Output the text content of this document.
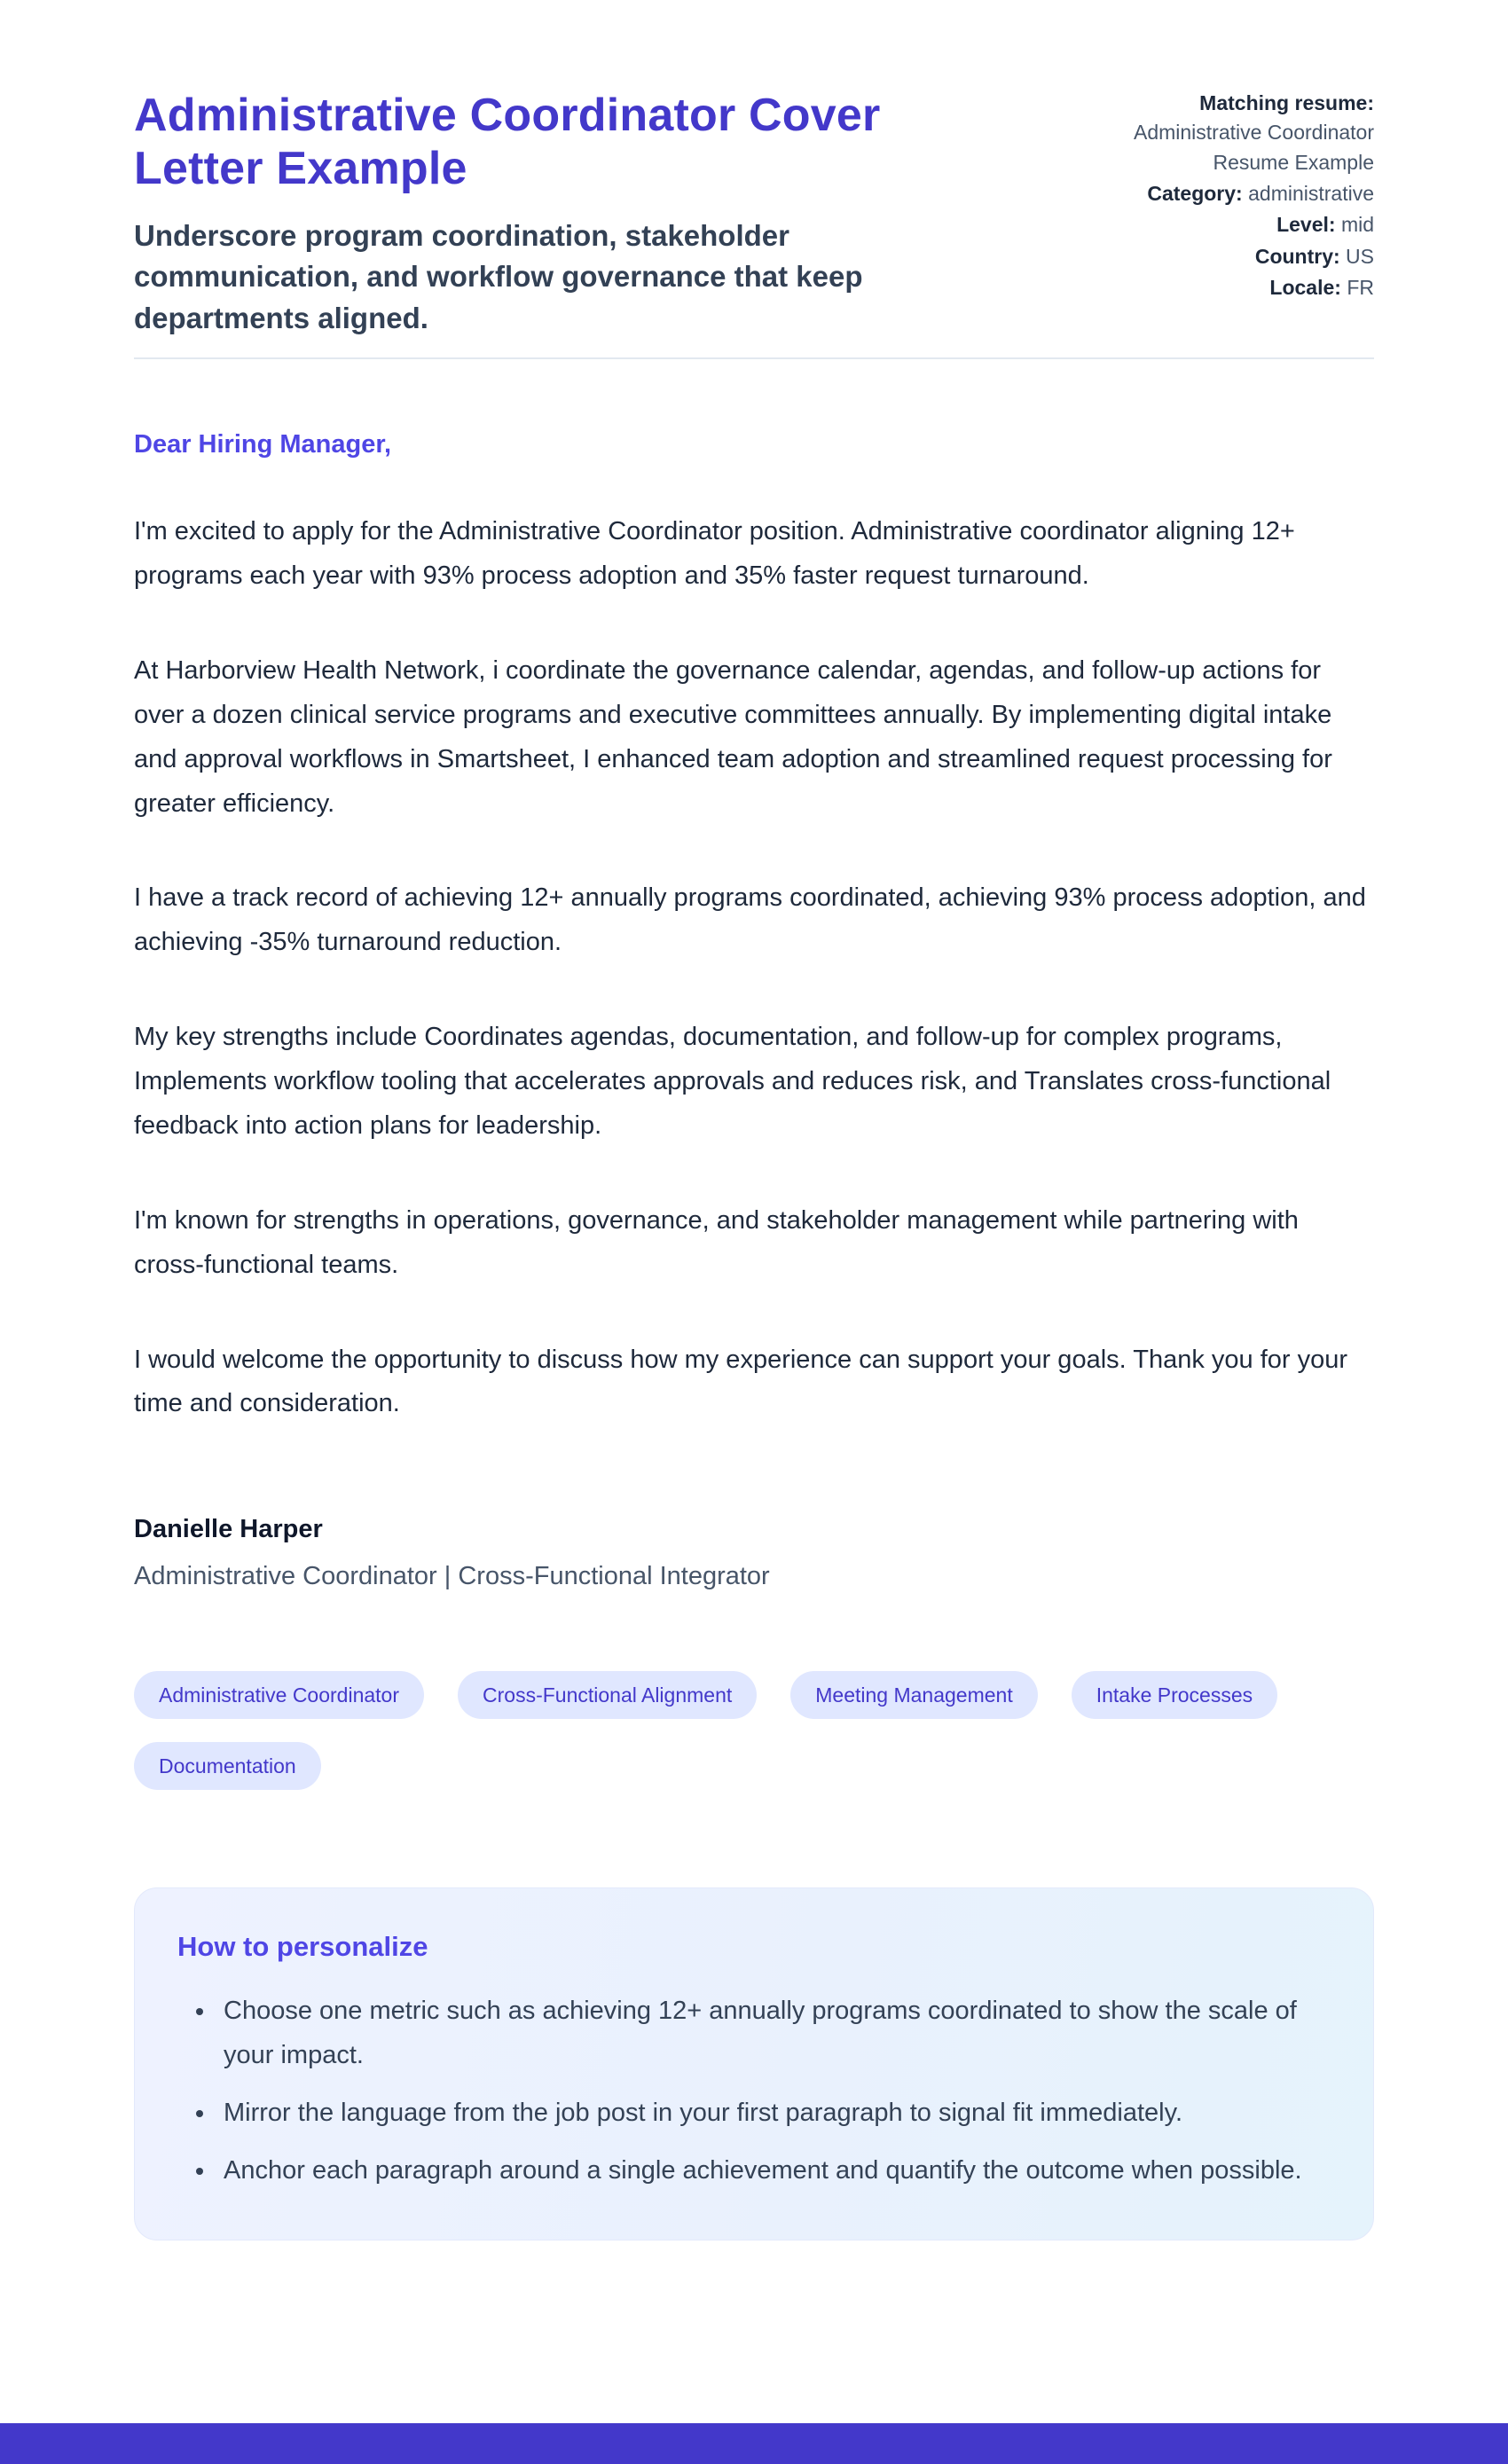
Administrative Coordinator Cover Letter Example

Underscore program coordination, stakeholder communication, and workflow governance that keep departments aligned.

Matching resume:
Administrative Coordinator Resume Example
Category: administrative
Level: mid
Country: US
Locale: FR

Dear Hiring Manager,

I'm excited to apply for the Administrative Coordinator position. Administrative coordinator aligning 12+ programs each year with 93% process adoption and 35% faster request turnaround.

At Harborview Health Network, i coordinate the governance calendar, agendas, and follow-up actions for over a dozen clinical service programs and executive committees annually. By implementing digital intake and approval workflows in Smartsheet, I enhanced team adoption and streamlined request processing for greater efficiency.

I have a track record of achieving 12+ annually programs coordinated, achieving 93% process adoption, and achieving -35% turnaround reduction.

My key strengths include Coordinates agendas, documentation, and follow-up for complex programs, Implements workflow tooling that accelerates approvals and reduces risk, and Translates cross-functional feedback into action plans for leadership.

I'm known for strengths in operations, governance, and stakeholder management while partnering with cross-functional teams.

I would welcome the opportunity to discuss how my experience can support your goals. Thank you for your time and consideration.

Danielle Harper

Administrative Coordinator | Cross-Functional Integrator

Administrative Coordinator	Cross-Functional Alignment	Meeting Management	Intake Processes
Documentation
How to personalize
• Choose one metric such as achieving 12+ annually programs coordinated to show the scale of your impact.
• Mirror the language from the job post in your first paragraph to signal fit immediately.
• Anchor each paragraph around a single achievement and quantify the outcome when possible.
